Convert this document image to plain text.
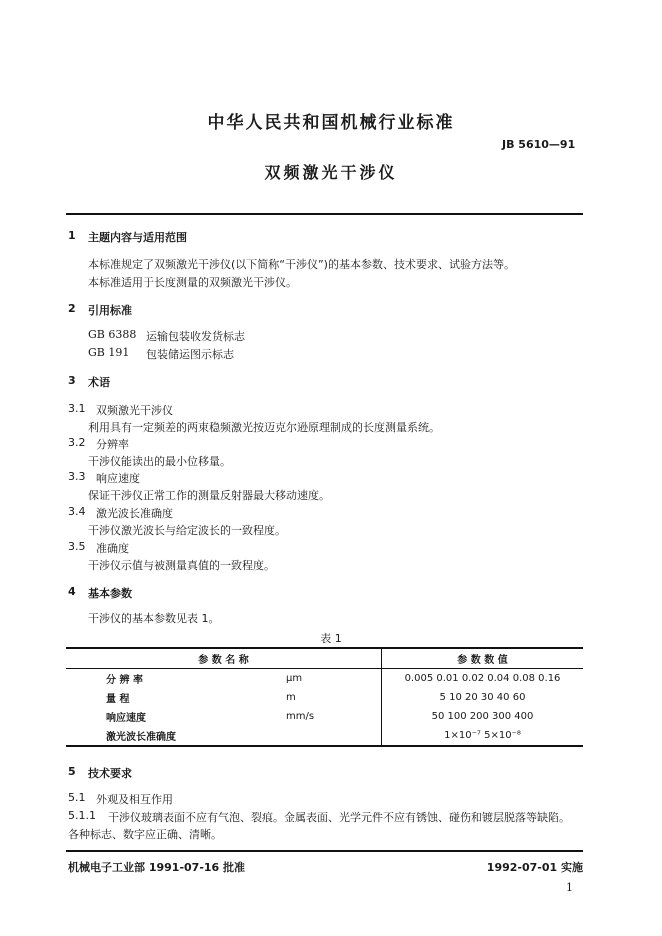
中华人民共和国机械行业标准
JB 5610—91
双频激光干涉仪
1 主题内容与适用范围
本标准规定了双频激光干涉仪(以下简称“干涉仪”)的基本参数、技术要求、试验方法等。
本标准适用于长度测量的双频激光干涉仪。
2 引用标准
GB 6388 运输包装收发货标志
GB 191 包装储运图示标志
3 术语
3.1 双频激光干涉仪
利用具有一定频差的两束稳频激光按迈克尔逊原理制成的长度测量系统。
3.2 分辨率
干涉仪能读出的最小位移量。
3.3 响应速度
保证干涉仪正常工作的测量反射器最大移动速度。
3.4 激光波长准确度
干涉仪激光波长与给定波长的一致程度。
3.5 准确度
干涉仪示值与被测量真值的一致程度。
4 基本参数
干涉仪的基本参数见表 1。
表 1
参 数 名 称		参 数 数 值
分 辨 率	μm	0.005 0.01 0.02 0.04 0.08 0.16
量 程	m	5 10 20 30 40 60
响应速度	mm/s	50 100 200 300 400
激光波长准确度		1×10⁻⁷ 5×10⁻⁸
5 技术要求
5.1 外观及相互作用
5.1.1 干涉仪玻璃表面不应有气泡、裂痕。金属表面、光学元件不应有锈蚀、碰伤和镀层脱落等缺陷。
各种标志、数字应正确、清晰。
机械电子工业部 1991-07-16 批准	1992-07-01 实施
1
